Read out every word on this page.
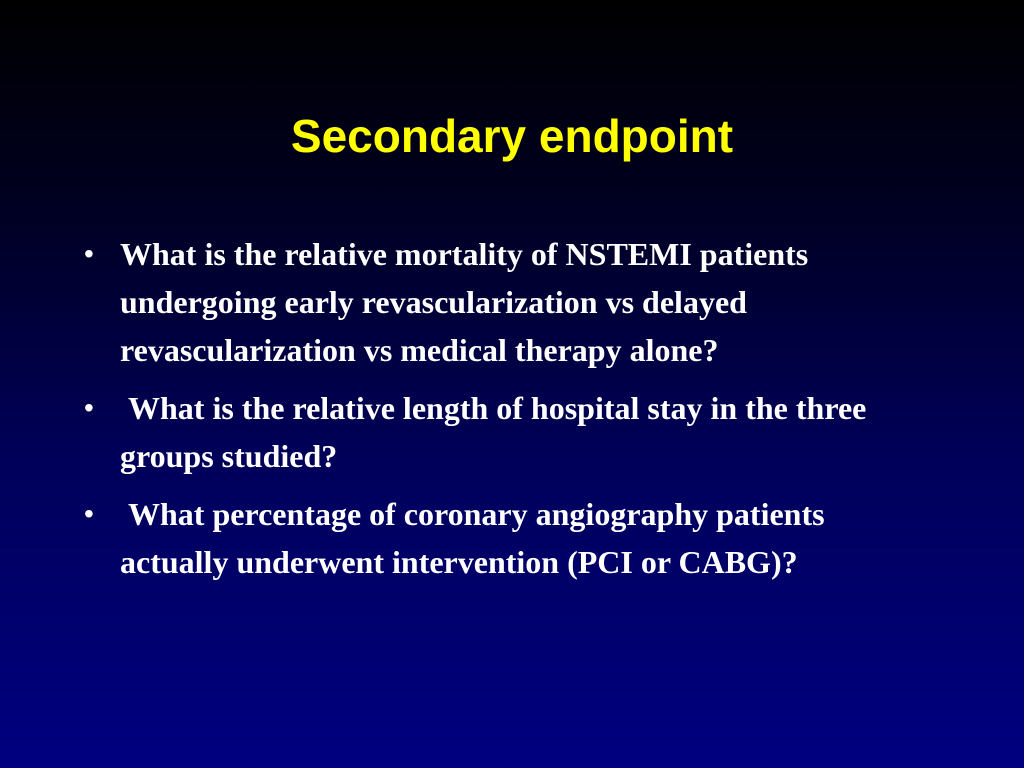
Secondary endpoint
• What is the relative mortality of NSTEMI patients undergoing early revascularization vs delayed revascularization vs medical therapy alone?
• What is the relative length of hospital stay in the three groups studied?
• What percentage of coronary angiography patients actually underwent intervention (PCI or CABG)?
